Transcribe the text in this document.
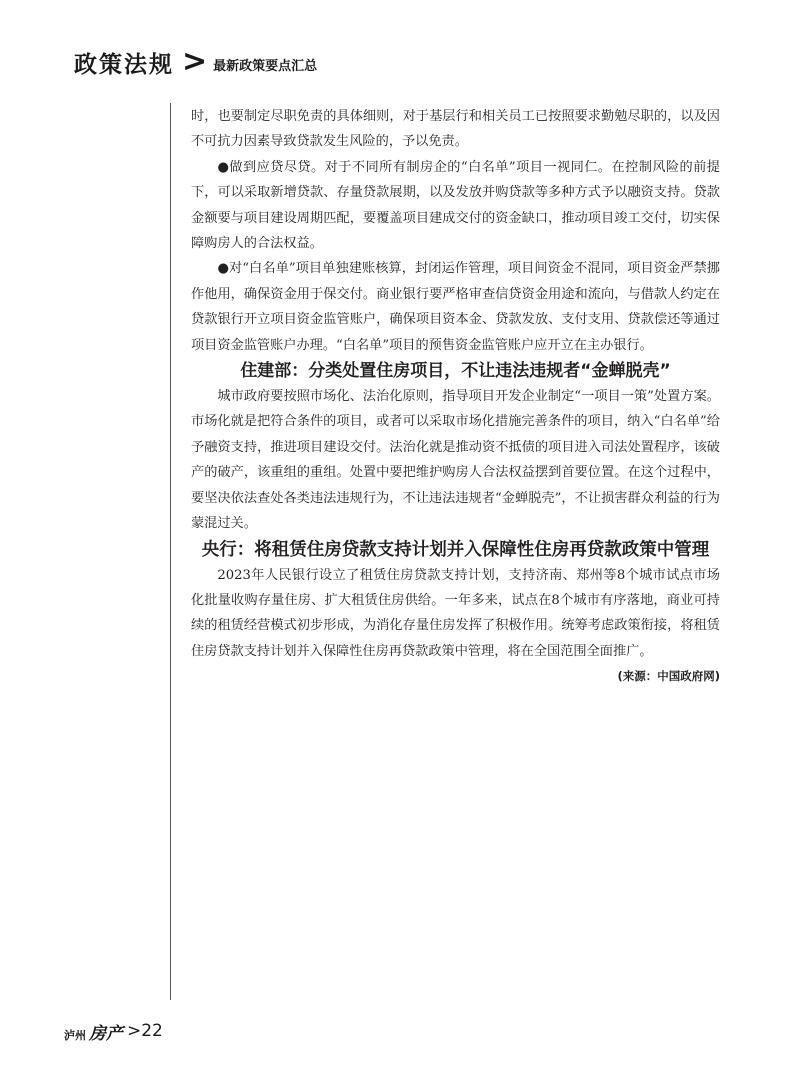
政策法规 > 最新政策要点汇总

时，也要制定尽职免责的具体细则，对于基层行和相关员工已按照要求勤勉尽职的，以及因不可抗力因素导致贷款发生风险的，予以免责。

●做到应贷尽贷。对于不同所有制房企的“白名单”项目一视同仁。在控制风险的前提下，可以采取新增贷款、存量贷款展期，以及发放并购贷款等多种方式予以融资支持。贷款金额要与项目建设周期匹配，要覆盖项目建成交付的资金缺口，推动项目竣工交付，切实保障购房人的合法权益。

●对“白名单”项目单独建账核算，封闭运作管理，项目间资金不混同，项目资金严禁挪作他用，确保资金用于保交付。商业银行要严格审查信贷资金用途和流向，与借款人约定在贷款银行开立项目资金监管账户，确保项目资本金、贷款发放、支付支用、贷款偿还等通过项目资金监管账户办理。“白名单”项目的预售资金监管账户应开立在主办银行。

住建部：分类处置住房项目，不让违法违规者“金蝉脱壳”

城市政府要按照市场化、法治化原则，指导项目开发企业制定“一项目一策”处置方案。市场化就是把符合条件的项目，或者可以采取市场化措施完善条件的项目，纳入“白名单”给予融资支持，推进项目建设交付。法治化就是推动资不抵债的项目进入司法处置程序，该破产的破产，该重组的重组。处置中要把维护购房人合法权益摆到首要位置。在这个过程中，要坚决依法查处各类违法违规行为，不让违法违规者“金蝉脱壳”，不让损害群众利益的行为蒙混过关。

央行：将租赁住房贷款支持计划并入保障性住房再贷款政策中管理

2023年人民银行设立了租赁住房贷款支持计划，支持济南、郑州等8个城市试点市场化批量收购存量住房、扩大租赁住房供给。一年多来，试点在8个城市有序落地，商业可持续的租赁经营模式初步形成，为消化存量住房发挥了积极作用。统筹考虑政策衔接，将租赁住房贷款支持计划并入保障性住房再贷款政策中管理，将在全国范围全面推广。

(来源：中国政府网)

泸州 房产 >22
